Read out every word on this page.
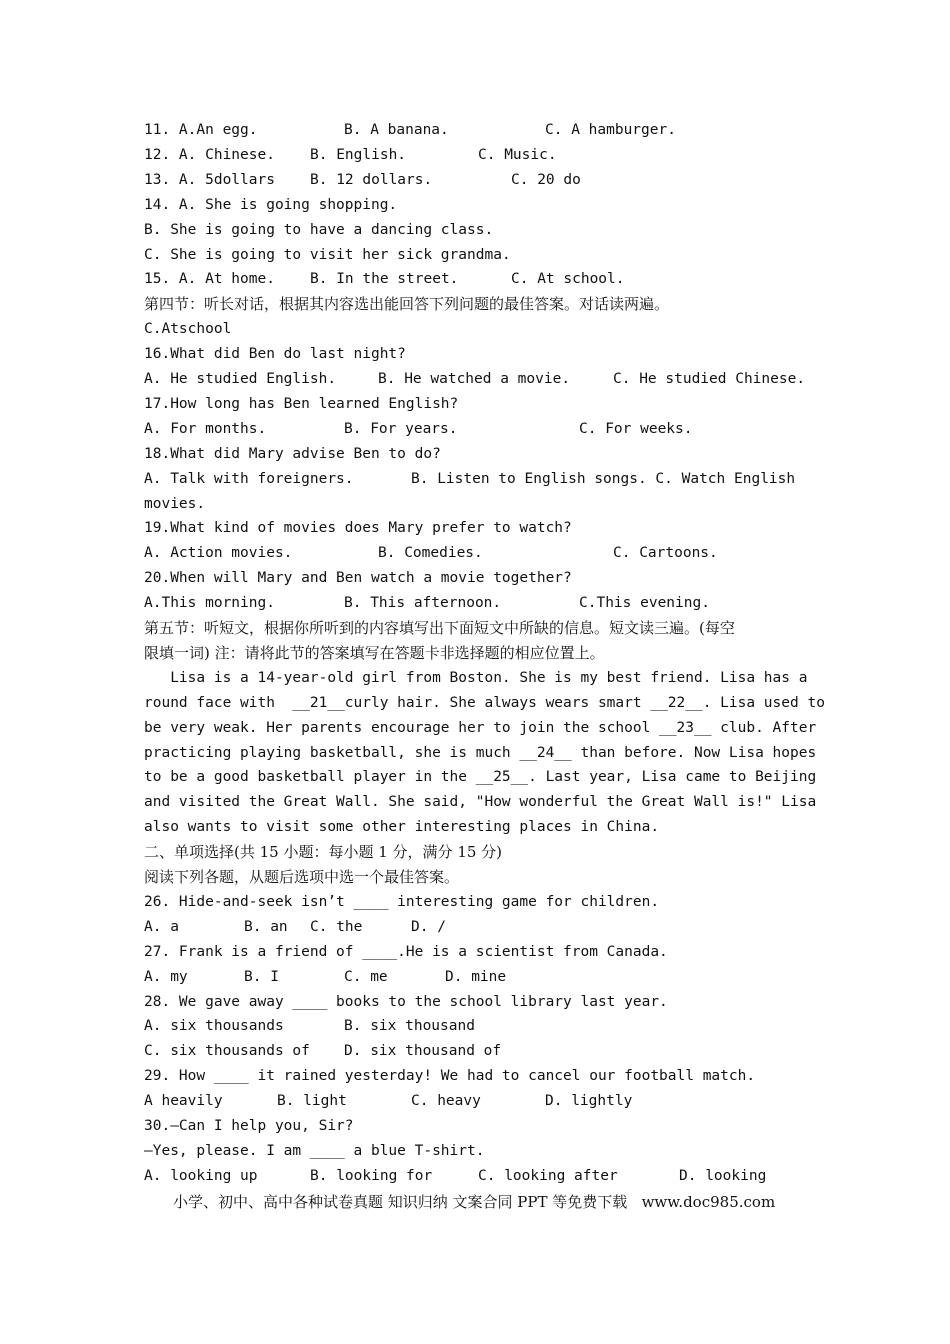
小学、初中、高中各种试卷真题 知识归纳 文案合同 PPT 等免费下载   www.doc985.com
11. A.An egg.	B. A banana.	C. A hamburger.
12. A. Chinese. B. English.	C. Music.
13. A. 5dollars B. 12 dollars.	C. 20 do
14. A. She is going shopping.
B. She is going to have a dancing class.
C. She is going to visit her sick grandma.
15. A. At home. B. In the street.	C. At school.
第四节：听长对话，根据其内容选出能回答下列问题的最佳答案。对话读两遍。
C.Atschool
16.What did Ben do last night?
A. He studied English.	B. He watched a movie.	C. He studied Chinese.
17.How long has Ben learned English?
A. For months.	B. For years.	C. For weeks.
18.What did Mary advise Ben to do?
A. Talk with foreigners.	B. Listen to English songs. C. Watch English
movies.
19.What kind of movies does Mary prefer to watch?
A. Action movies.	B. Comedies.	C. Cartoons.
20.When will Mary and Ben watch a movie together?
A.This morning.	B. This afternoon.	C.This evening.
第五节：听短文，根据你所听到的内容填写出下面短文中所缺的信息。短文读三遍。(每空
限填一词) 注：请将此节的答案填写在答题卡非选择题的相应位置上。
Lisa is a 14-year-old girl from Boston. She is my best friend. Lisa has a
round face with  __21__curly hair. She always wears smart __22__. Lisa used to
be very weak. Her parents encourage her to join the school __23__ club. After
practicing playing basketball, she is much __24__ than before. Now Lisa hopes
to be a good basketball player in the __25__. Last year, Lisa came to Beijing
and visited the Great Wall. She said, "How wonderful the Great Wall is!" Lisa
also wants to visit some other interesting places in China.
二、单项选择(共 15 小题：每小题 1 分，满分 15 分)
阅读下列各题，从题后选项中选一个最佳答案。
26. Hide-and-seek isn’t ____ interesting game for children.
A. a	B. an C. the	D. /
27. Frank is a friend of ____.He is a scientist from Canada.
A. my	B. I	C. me	D. mine
28. We gave away ____ books to the school library last year.
A. six thousands	B. six thousand
C. six thousands of D. six thousand of
29. How ____ it rained yesterday! We had to cancel our football match.
A heavily	B. light	C. heavy	D. lightly
30.—Can I help you, Sir?
—Yes, please. I am ____ a blue T-shirt.
A. looking up	B. looking for	C. looking after	D. looking
